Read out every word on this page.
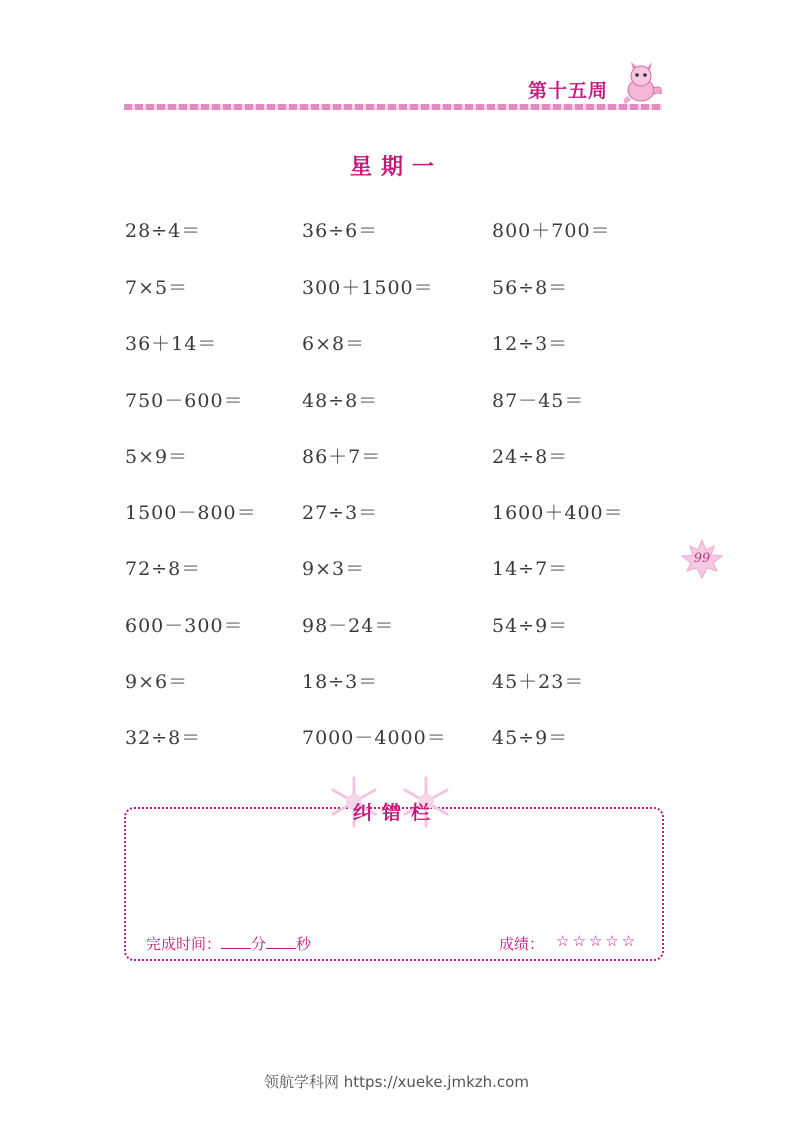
第十五周
星期一
28÷4＝	36÷6＝	800＋700＝
7×5＝	300＋1500＝	56÷8＝
36＋14＝	6×8＝	12÷3＝
750－600＝	48÷8＝	87－45＝
5×9＝	86＋7＝	24÷8＝
1500－800＝ 27÷3＝	1600＋400＝
72÷8＝	9×3＝	14÷7＝
600－300＝	98－24＝	54÷9＝
9×6＝	18÷3＝	45＋23＝
32÷8＝	7000－4000＝ 45÷9＝
99
纠错栏
完成时间： 分 秒	成绩： ☆☆☆☆☆
领航学科网 https://xueke.jmkzh.com
